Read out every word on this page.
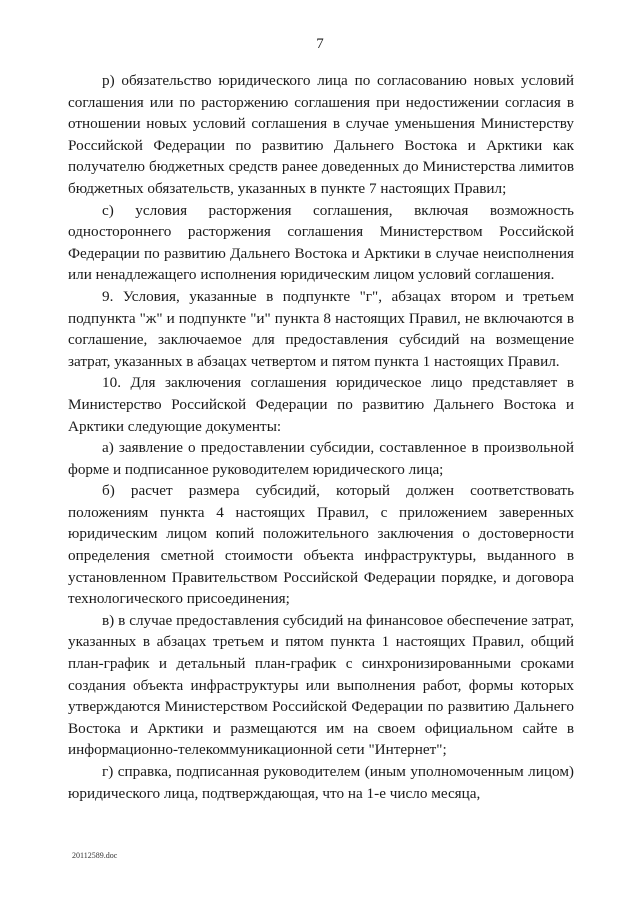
7

р) обязательство юридического лица по согласованию новых условий соглашения или по расторжению соглашения при недостижении согласия в отношении новых условий соглашения в случае уменьшения Министерству Российской Федерации по развитию Дальнего Востока и Арктики как получателю бюджетных средств ранее доведенных до Министерства лимитов бюджетных обязательств, указанных в пункте 7 настоящих Правил;

с) условия расторжения соглашения, включая возможность одностороннего расторжения соглашения Министерством Российской Федерации по развитию Дальнего Востока и Арктики в случае неисполнения или ненадлежащего исполнения юридическим лицом условий соглашения.

9. Условия, указанные в подпункте "г", абзацах втором и третьем подпункта "ж" и подпункте "и" пункта 8 настоящих Правил, не включаются в соглашение, заключаемое для предоставления субсидий на возмещение затрат, указанных в абзацах четвертом и пятом пункта 1 настоящих Правил.

10. Для заключения соглашения юридическое лицо представляет в Министерство Российской Федерации по развитию Дальнего Востока и Арктики следующие документы:

а) заявление о предоставлении субсидии, составленное в произвольной форме и подписанное руководителем юридического лица;

б) расчет размера субсидий, который должен соответствовать положениям пункта 4 настоящих Правил, с приложением заверенных юридическим лицом копий положительного заключения о достоверности определения сметной стоимости объекта инфраструктуры, выданного в установленном Правительством Российской Федерации порядке, и договора технологического присоединения;

в) в случае предоставления субсидий на финансовое обеспечение затрат, указанных в абзацах третьем и пятом пункта 1 настоящих Правил, общий план-график и детальный план-график с синхронизированными сроками создания объекта инфраструктуры или выполнения работ, формы которых утверждаются Министерством Российской Федерации по развитию Дальнего Востока и Арктики и размещаются им на своем официальном сайте в информационно-телекоммуникационной сети "Интернет";

г) справка, подписанная руководителем (иным уполномоченным лицом) юридического лица, подтверждающая, что на 1-е число месяца,

20112589.doc
